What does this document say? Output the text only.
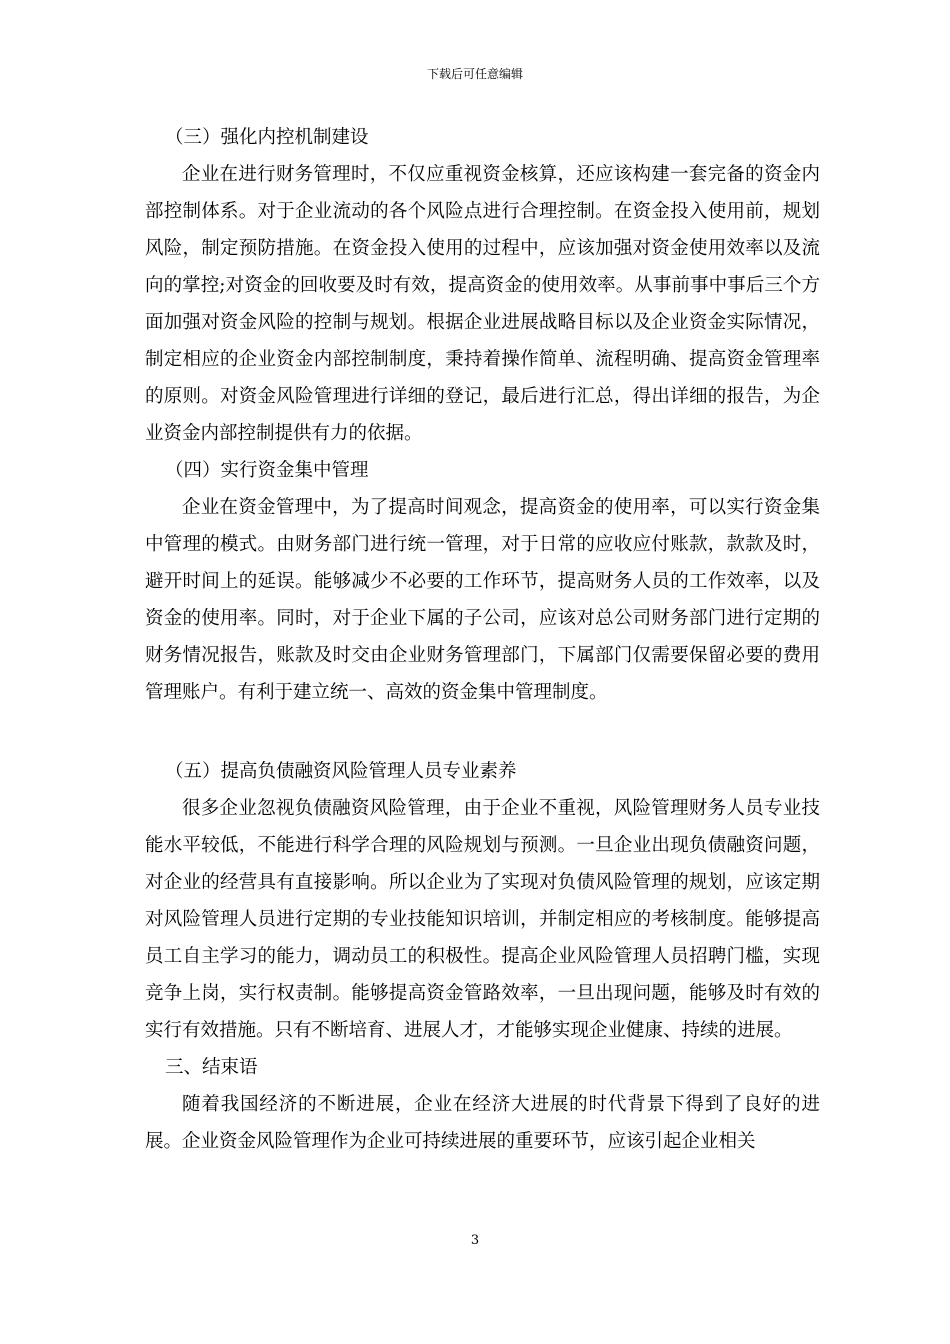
下载后可任意编辑

（三）强化内控机制建设

企业在进行财务管理时，不仅应重视资金核算，还应该构建一套完备的资金内部控制体系。对于企业流动的各个风险点进行合理控制。在资金投入使用前，规划风险，制定预防措施。在资金投入使用的过程中，应该加强对资金使用效率以及流向的掌控;对资金的回收要及时有效，提高资金的使用效率。从事前事中事后三个方面加强对资金风险的控制与规划。根据企业进展战略目标以及企业资金实际情况，制定相应的企业资金内部控制制度，秉持着操作简单、流程明确、提高资金管理率的原则。对资金风险管理进行详细的登记，最后进行汇总，得出详细的报告，为企业资金内部控制提供有力的依据。

（四）实行资金集中管理

企业在资金管理中，为了提高时间观念，提高资金的使用率，可以实行资金集中管理的模式。由财务部门进行统一管理，对于日常的应收应付账款，款款及时，避开时间上的延误。能够减少不必要的工作环节，提高财务人员的工作效率，以及资金的使用率。同时，对于企业下属的子公司，应该对总公司财务部门进行定期的财务情况报告，账款及时交由企业财务管理部门，下属部门仅需要保留必要的费用管理账户。有利于建立统一、高效的资金集中管理制度。

（五）提高负债融资风险管理人员专业素养

很多企业忽视负债融资风险管理，由于企业不重视，风险管理财务人员专业技能水平较低，不能进行科学合理的风险规划与预测。一旦企业出现负债融资问题，对企业的经营具有直接影响。所以企业为了实现对负债风险管理的规划，应该定期对风险管理人员进行定期的专业技能知识培训，并制定相应的考核制度。能够提高员工自主学习的能力，调动员工的积极性。提高企业风险管理人员招聘门槛，实现竞争上岗，实行权责制。能够提高资金管路效率，一旦出现问题，能够及时有效的实行有效措施。只有不断培育、进展人才，才能够实现企业健康、持续的进展。

三、结束语

随着我国经济的不断进展，企业在经济大进展的时代背景下得到了良好的进展。企业资金风险管理作为企业可持续进展的重要环节，应该引起企业相关

3
